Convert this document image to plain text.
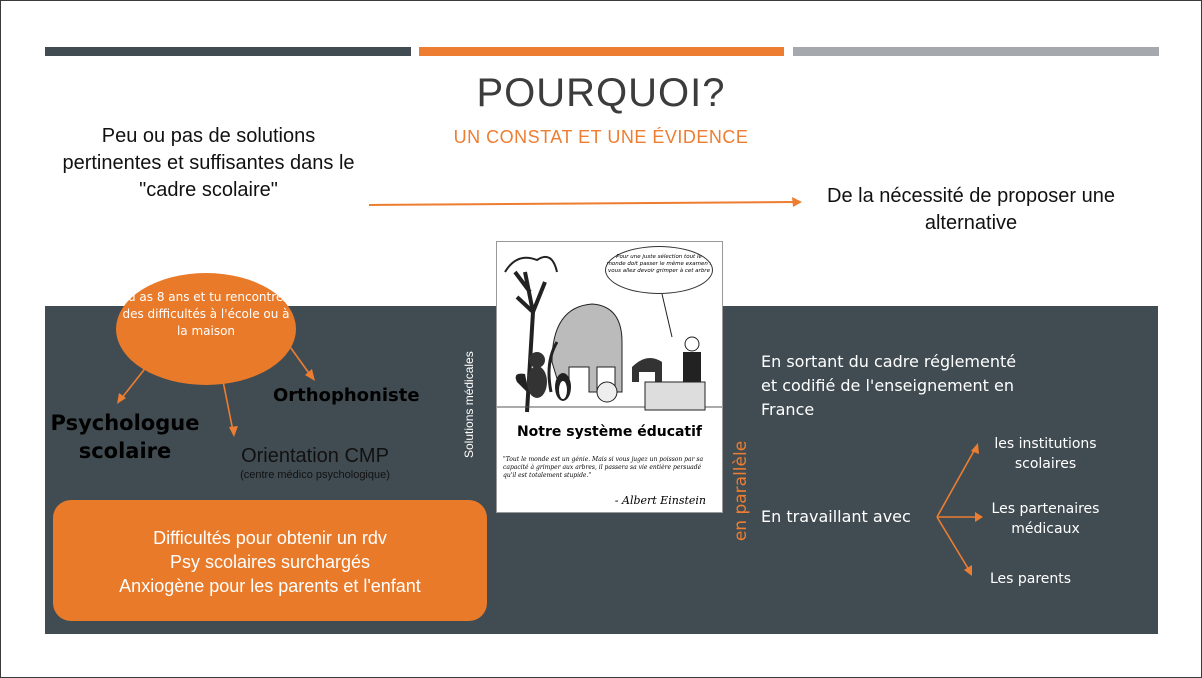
POURQUOI?
UN CONSTAT ET UNE ÉVIDENCE
Peu ou pas de solutions pertinentes et suffisantes dans le "cadre scolaire"	De la nécessité de proposer une alternative
Tu as 8 ans et tu rencontres des difficultés à l'école ou à la maison
Psychologue scolaire
Orthophoniste
Orientation CMP
(centre médico psychologique)
Difficultés pour obtenir un rdv
Psy scolaires surchargés
Anxiogène pour les parents et l'enfant
Solutions médicales
Pour une juste sélection tout le monde doit passer le même examen : vous allez devoir grimper à cet arbre
Notre système éducatif
"Tout le monde est un génie. Mais si vous jugez un poisson par sa capacité à grimper aux arbres, il passera sa vie entière persuadé qu'il est totalement stupide."
- Albert Einstein en parallèle
En sortant du cadre réglementé et codifié de l'enseignement en France
En travaillant avec
les institutions scolaires
Les partenaires médicaux
Les parents
